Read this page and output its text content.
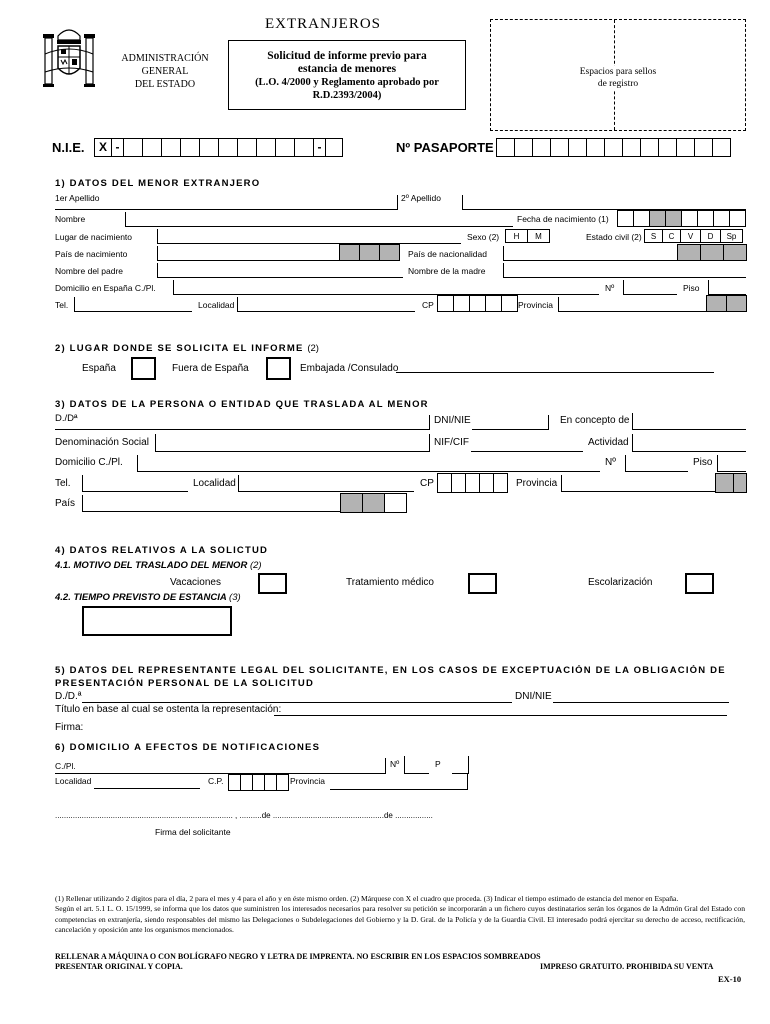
EXTRANJEROS
ADMINISTRACIÓN
GENERAL
DEL ESTADO
Solicitud de informe previo para
estancia de menores
(L.O. 4/2000 y Reglamento aprobado por
R.D.2393/2004)
Espacios para sellos
de registro
N.I.E.	X -	-	Nº PASAPORTE
1) DATOS DEL MENOR EXTRANJERO
1er Apellido	2º Apellido
Nombre	Fecha de nacimiento (1)
Lugar de nacimiento	Sexo (2)	H	M	Estado civil (2)	S	C	V	D	Sp
País de nacimiento	País de nacionalidad
Nombre del padre	Nombre de la madre
Domicilio en España C./Pl.	Nº	Piso
Tel.	Localidad	CP	Provincia
2) LUGAR DONDE SE SOLICITA EL INFORME (2)
España	Fuera de España	Embajada /Consulado
3) DATOS DE LA PERSONA O ENTIDAD QUE TRASLADA AL MENOR
D./Dª	DNI/NIE	En concepto de
Denominación Social	NIF/CIF	Actividad
Domicilio C./Pl.	Nº	Piso
Tel.	Localidad	CP	Provincia
País
4) DATOS RELATIVOS A LA SOLICTUD
4.1. MOTIVO DEL TRASLADO DEL MENOR (2)
Vacaciones	Tratamiento médico	Escolarización
4.2. TIEMPO PREVISTO DE ESTANCIA (3)
5) DATOS DEL REPRESENTANTE LEGAL DEL SOLICITANTE, EN LOS CASOS DE EXCEPTUACIÓN DE LA OBLIGACIÓN DE
PRESENTACIÓN PERSONAL DE LA SOLICITUD
D./D.ª	DNI/NIE
Título en base al cual se ostenta la representación:
Firma:
6) DOMICILIO A EFECTOS DE NOTIFICACIONES
C./Pl.	Nº	P
Localidad	C.P.	Provincia
................................................................................ , ..........de ..................................................de .................
Firma del solicitante
(1) Rellenar utilizando 2 dígitos para el día, 2 para el mes y 4 para el año y en éste mismo orden. (2) Márquese con X el cuadro que proceda. (3) Indicar el tiempo estimado de estancia del menor en España.
Según el art. 5.1 L. O. 15/1999, se informa que los datos que suministren los interesados necesarios para resolver su petición se incorporarán a un fichero cuyos destinatarios serán los órganos de la Admón Gral del Estado con competencias en extranjería, siendo responsables del mismo las Delegaciones o Subdelegaciones del Gobierno y la D. Gral. de la Policía y de la Guardia Civil. El interesado podrá ejercitar su derecho de acceso, rectificación, cancelación y oposición ante los organismos mencionados.
RELLENAR A MÁQUINA O CON BOLÍGRAFO NEGRO Y LETRA DE IMPRENTA. NO ESCRIBIR EN LOS ESPACIOS SOMBREADOS
PRESENTAR ORIGINAL Y COPIA.	IMPRESO GRATUITO. PROHIBIDA SU VENTA
EX-10
